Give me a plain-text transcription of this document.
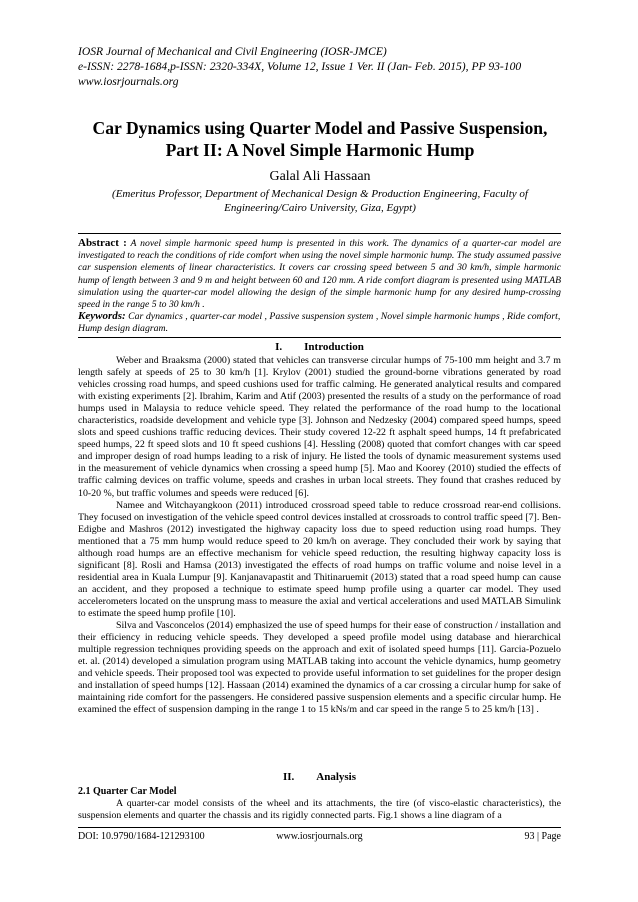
IOSR Journal of Mechanical and Civil Engineering (IOSR-JMCE)
e-ISSN: 2278-1684,p-ISSN: 2320-334X, Volume 12, Issue 1 Ver. II (Jan- Feb. 2015), PP 93-100
www.iosrjournals.org
Car Dynamics using Quarter Model and Passive Suspension,
Part II: A Novel Simple Harmonic Hump
Galal Ali Hassaan
(Emeritus Professor, Department of Mechanical Design & Production Engineering, Faculty of
Engineering/Cairo University, Giza, Egypt)
Abstract : A novel simple harmonic speed hump is presented in this work. The dynamics of a quarter-car model are investigated to reach the conditions of ride comfort when using the novel simple harmonic hump. The study assumed passive car suspension elements of linear characteristics. It covers car crossing speed between 5 and 30 km/h, simple harmonic hump of length between 3 and 9 m and height between 60 and 120 mm. A ride comfort diagram is presented using MATLAB simulation using the quarter-car model allowing the design of the simple harmonic hump for any desired hump-crossing speed in the range 5 to 30 km/h .
Keywords: Car dynamics , quarter-car model , Passive suspension system , Novel simple harmonic humps , Ride comfort, Hump design diagram.
I. Introduction

Weber and Braaksma (2000) stated that vehicles can transverse circular humps of 75-100 mm height and 3.7 m length safely at speeds of 25 to 30 km/h [1]. Krylov (2001) studied the ground-borne vibrations generated by road vehicles crossing road humps, and speed cushions used for traffic calming. He generated analytical results and compared with existing experiments [2]. Ibrahim, Karim and Atif (2003) presented the results of a study on the performance of road humps used in Malaysia to reduce vehicle speed. They related the performance of the road hump to the locational characteristics, roadside development and vehicle type [3]. Johnson and Nedzesky (2004) compared speed humps, speed slots and speed cushions traffic reducing devices. Their study covered 12-22 ft asphalt speed humps, 14 ft prefabricated speed humps, 22 ft speed slots and 10 ft speed cushions [4]. Hessling (2008) quoted that comfort changes with car speed and improper design of road humps leading to a risk of injury. He listed the tools of dynamic measurement systems used in the measurement of vehicle dynamics when crossing a speed hump [5]. Mao and Koorey (2010) studied the effects of traffic calming devices on traffic volume, speeds and crashes in urban local streets. They found that crashes reduced by 10-20 %, but traffic volumes and speeds were reduced [6].

Namee and Witchayangkoon (2011) introduced crossroad speed table to reduce crossroad rear-end collisions. They focused on investigation of the vehicle speed control devices installed at crossroads to control traffic speed [7]. Ben-Edigbe and Mashros (2012) investigated the highway capacity loss due to speed reduction using road humps. They mentioned that a 75 mm hump would reduce speed to 20 km/h on average. They concluded their work by saying that although road humps are an effective mechanism for vehicle speed reduction, the resulting highway capacity loss is significant [8]. Rosli and Hamsa (2013) investigated the effects of road humps on traffic volume and noise level in a residential area in Kuala Lumpur [9]. Kanjanavapastit and Thitinaruemit (2013) stated that a road speed hump can cause an accident, and they proposed a technique to estimate speed hump profile using a quarter car model. They used accelerometers located on the unsprung mass to measure the axial and vertical accelerations and used MATLAB Simulink to estimate the speed hump profile [10].

Silva and Vasconcelos (2014) emphasized the use of speed humps for their ease of construction / installation and their efficiency in reducing vehicle speeds. They developed a speed profile model using database and hierarchical multiple regression techniques providing speeds on the approach and exit of isolated speed humps [11]. Garcia-Pozuelo et. al. (2014) developed a simulation program using MATLAB taking into account the vehicle dynamics, hump geometry and vehicle speeds. Their proposed tool was expected to provide useful information to set guidelines for the proper design and installation of speed humps [12]. Hassaan (2014) examined the dynamics of a car crossing a circular hump for sake of maintaining ride comfort for the passengers. He considered passive suspension elements and a specific circular hump. He examined the effect of suspension damping in the range 1 to 15 kNs/m and car speed in the range 5 to 25 km/h [13] .

II. Analysis
2.1 Quarter Car Model

A quarter-car model consists of the wheel and its attachments, the tire (of visco-elastic characteristics), the suspension elements and quarter the chassis and its rigidly connected parts. Fig.1 shows a line diagram of a

DOI: 10.9790/1684-121293100	www.iosrjournals.org	93 | Page
